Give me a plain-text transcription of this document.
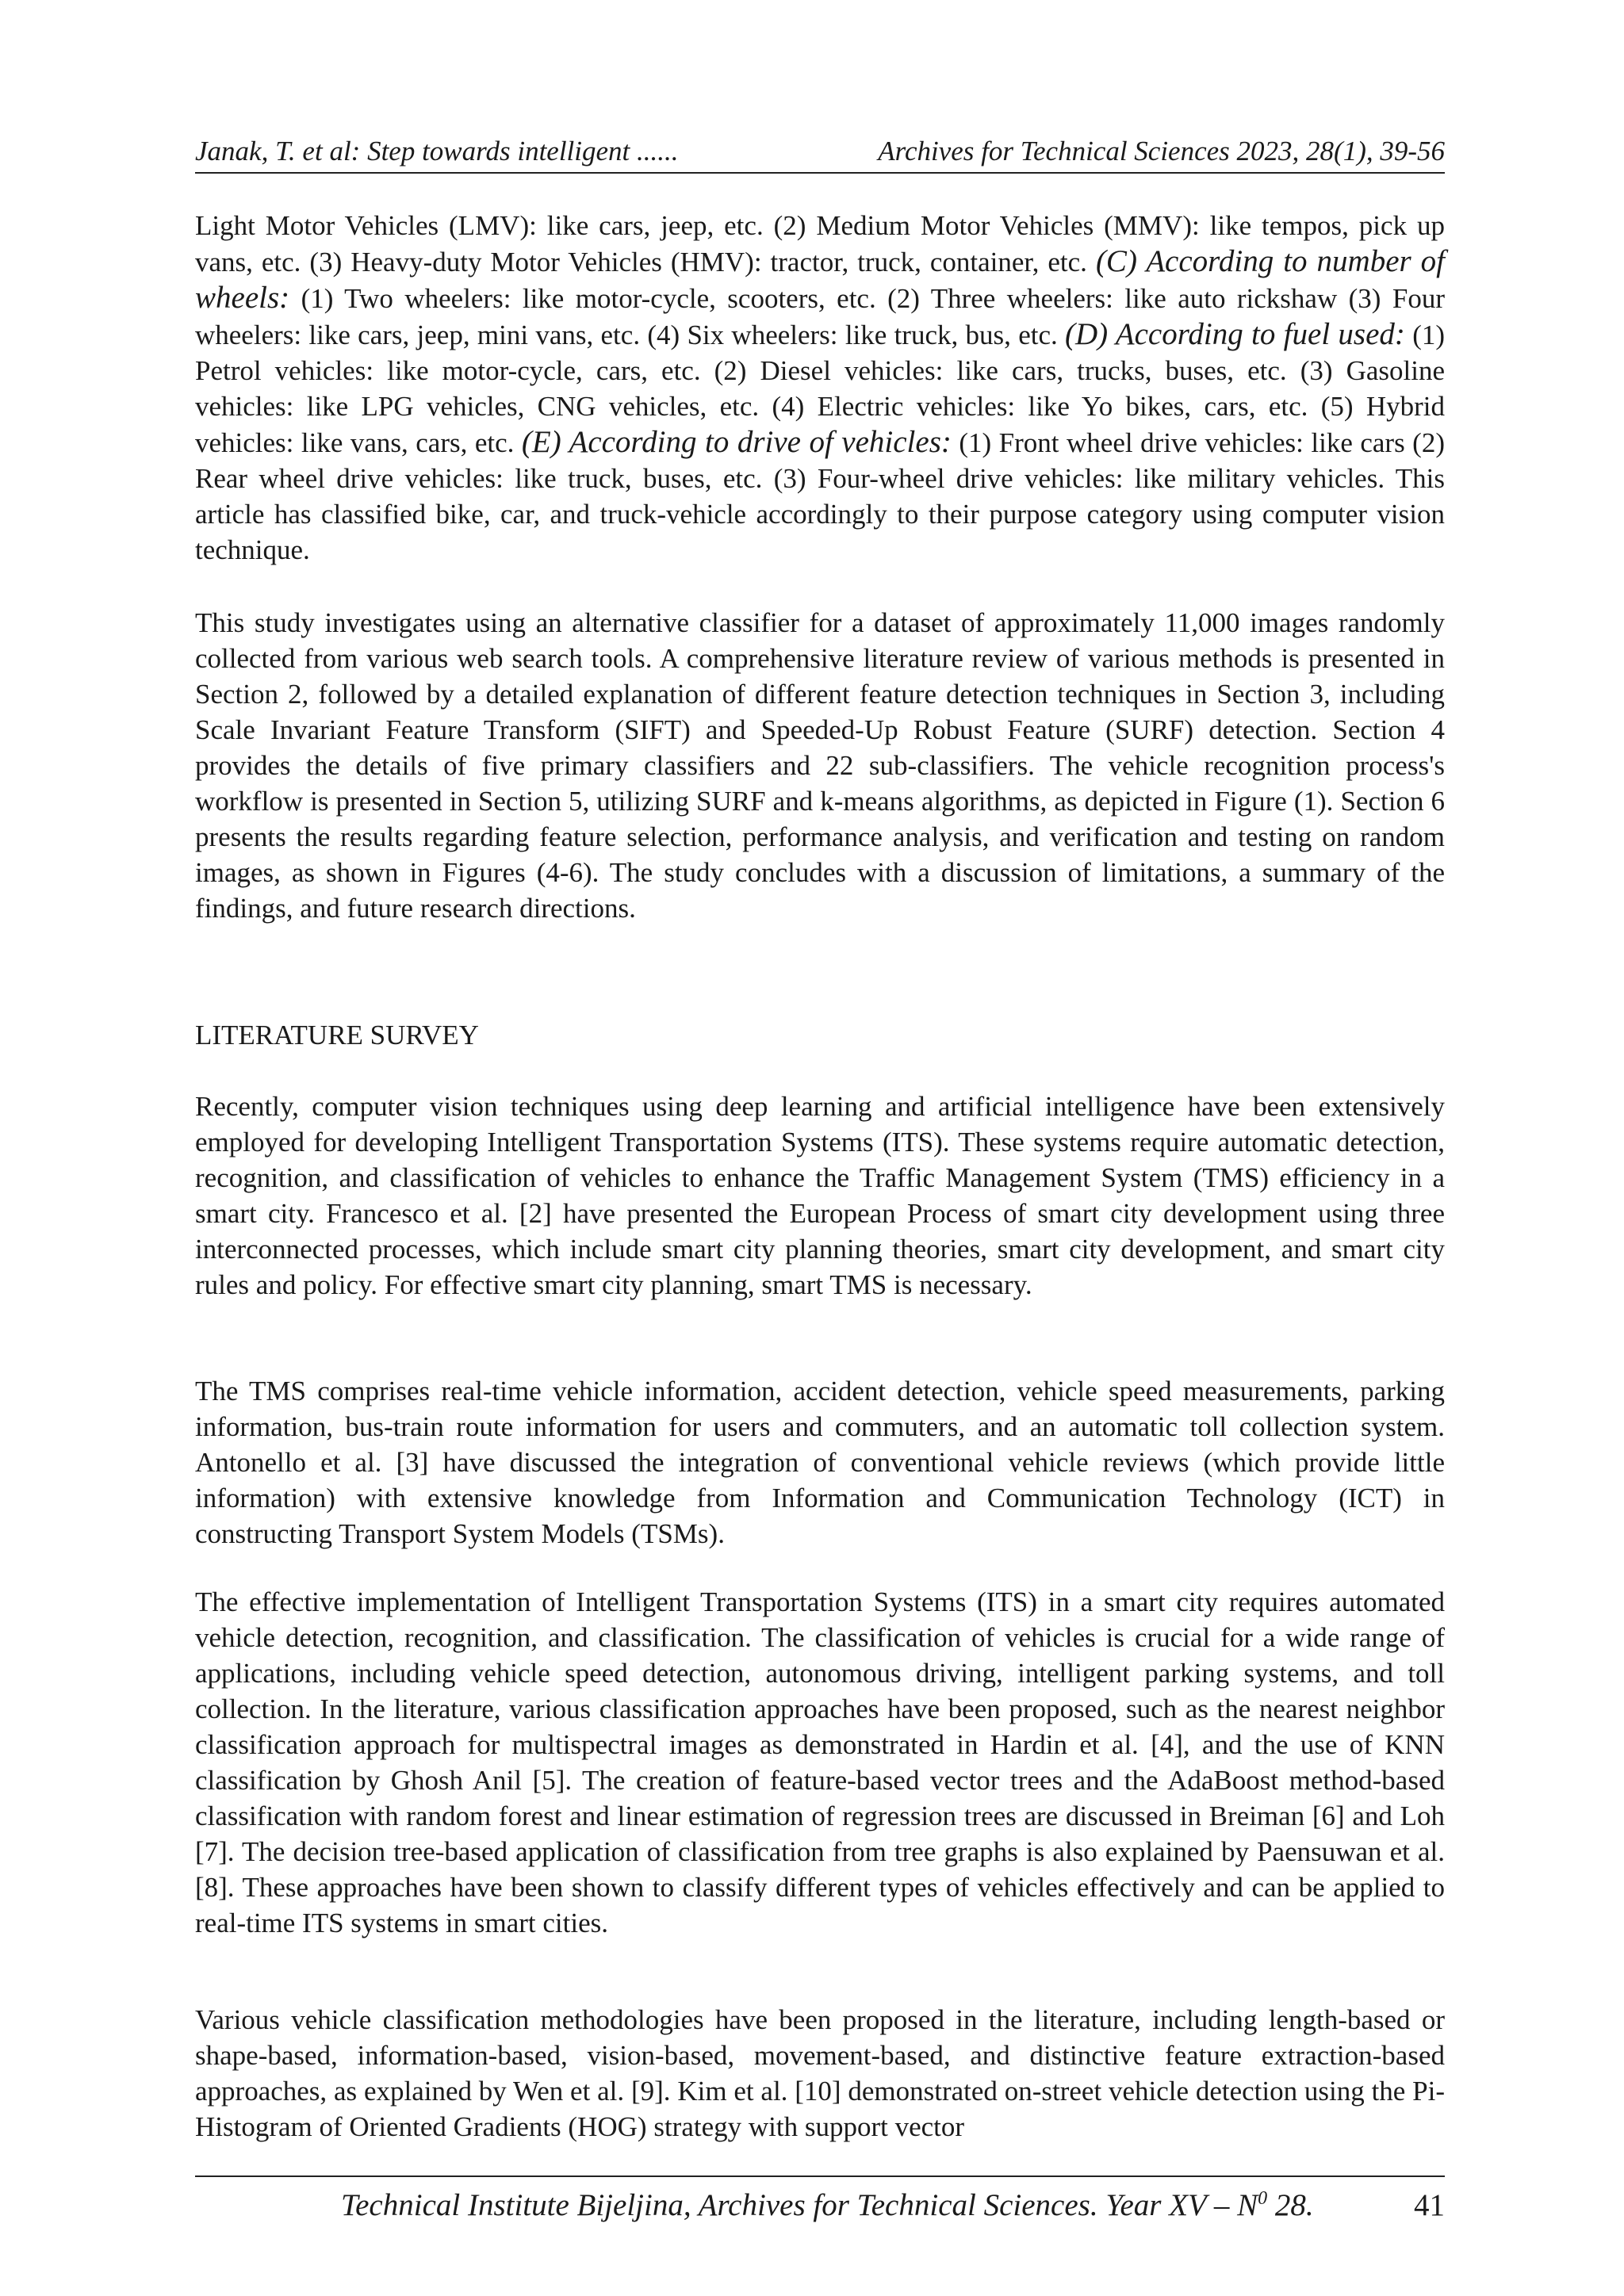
Janak, T. et al: Step towards intelligent ......	Archives for Technical Sciences 2023, 28(1), 39-56

Light Motor Vehicles (LMV): like cars, jeep, etc. (2) Medium Motor Vehicles (MMV): like tempos, pick up vans, etc. (3) Heavy-duty Motor Vehicles (HMV): tractor, truck, container, etc. (C) According to number of wheels: (1) Two wheelers: like motor-cycle, scooters, etc. (2) Three wheelers: like auto rickshaw (3) Four wheelers: like cars, jeep, mini vans, etc. (4) Six wheelers: like truck, bus, etc. (D) According to fuel used: (1) Petrol vehicles: like motor-cycle, cars, etc. (2) Diesel vehicles: like cars, trucks, buses, etc. (3) Gasoline vehicles: like LPG vehicles, CNG vehicles, etc. (4) Electric vehicles: like Yo bikes, cars, etc. (5) Hybrid vehicles: like vans, cars, etc. (E) According to drive of vehicles: (1) Front wheel drive vehicles: like cars (2) Rear wheel drive vehicles: like truck, buses, etc. (3) Four-wheel drive vehicles: like military vehicles. This article has classified bike, car, and truck-vehicle accordingly to their purpose category using computer vision technique.

This study investigates using an alternative classifier for a dataset of approximately 11,000 images randomly collected from various web search tools. A comprehensive literature review of various methods is presented in Section 2, followed by a detailed explanation of different feature detection techniques in Section 3, including Scale Invariant Feature Transform (SIFT) and Speeded-Up Robust Feature (SURF) detection. Section 4 provides the details of five primary classifiers and 22 sub-classifiers. The vehicle recognition process's workflow is presented in Section 5, utilizing SURF and k-means algorithms, as depicted in Figure (1). Section 6 presents the results regarding feature selection, performance analysis, and verification and testing on random images, as shown in Figures (4-6). The study concludes with a discussion of limitations, a summary of the findings, and future research directions.

LITERATURE SURVEY

Recently, computer vision techniques using deep learning and artificial intelligence have been extensively employed for developing Intelligent Transportation Systems (ITS). These systems require automatic detection, recognition, and classification of vehicles to enhance the Traffic Management System (TMS) efficiency in a smart city. Francesco et al. [2] have presented the European Process of smart city development using three interconnected processes, which include smart city planning theories, smart city development, and smart city rules and policy. For effective smart city planning, smart TMS is necessary.

The TMS comprises real-time vehicle information, accident detection, vehicle speed measurements, parking information, bus-train route information for users and commuters, and an automatic toll collection system. Antonello et al. [3] have discussed the integration of conventional vehicle reviews (which provide little information) with extensive knowledge from Information and Communication Technology (ICT) in constructing Transport System Models (TSMs).

The effective implementation of Intelligent Transportation Systems (ITS) in a smart city requires automated vehicle detection, recognition, and classification. The classification of vehicles is crucial for a wide range of applications, including vehicle speed detection, autonomous driving, intelligent parking systems, and toll collection. In the literature, various classification approaches have been proposed, such as the nearest neighbor classification approach for multispectral images as demonstrated in Hardin et al. [4], and the use of KNN classification by Ghosh Anil [5]. The creation of feature-based vector trees and the AdaBoost method-based classification with random forest and linear estimation of regression trees are discussed in Breiman [6] and Loh [7]. The decision tree-based application of classification from tree graphs is also explained by Paensuwan et al. [8]. These approaches have been shown to classify different types of vehicles effectively and can be applied to real-time ITS systems in smart cities.

Various vehicle classification methodologies have been proposed in the literature, including length-based or shape-based, information-based, vision-based, movement-based, and distinctive feature extraction-based approaches, as explained by Wen et al. [9]. Kim et al. [10] demonstrated on-street vehicle detection using the Pi-Histogram of Oriented Gradients (HOG) strategy with support vector

Technical Institute Bijeljina, Archives for Technical Sciences. Year XV – $N^0$ 28.	41
